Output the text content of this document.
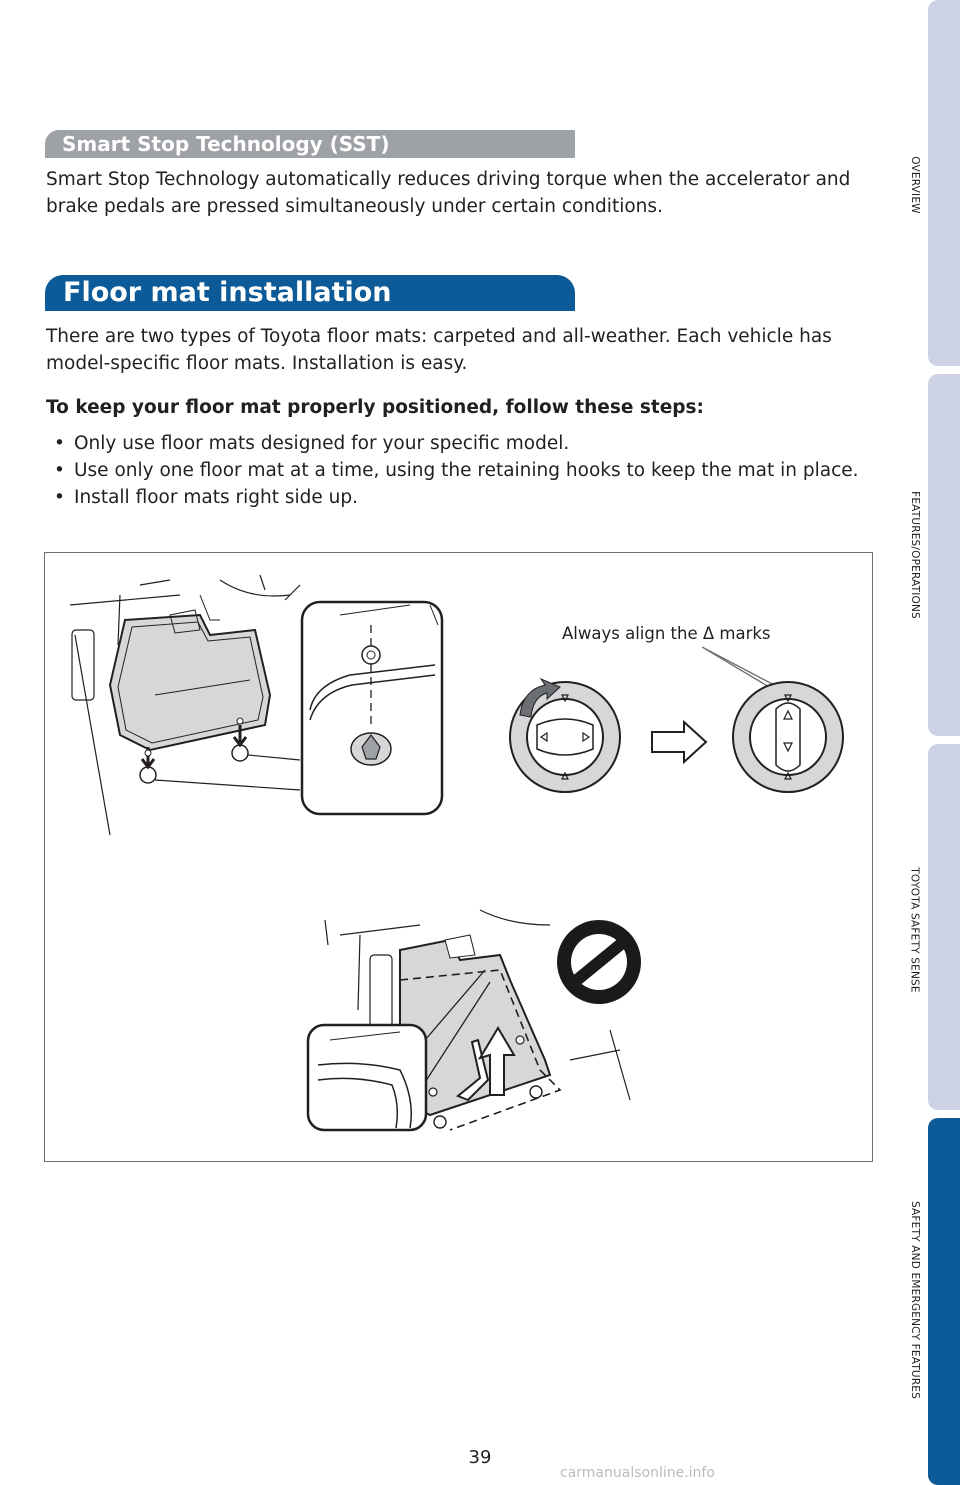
OVERVIEW
FEATURES/OPERATIONS
TOYOTA SAFETY SENSE
SAFETY AND EMERGENCY FEATURES
Smart Stop Technology (SST)
Smart Stop Technology automatically reduces driving torque when the accelerator and brake pedals are pressed simultaneously under certain conditions.
Floor mat installation
There are two types of Toyota floor mats: carpeted and all-weather. Each vehicle has model-specific floor mats. Installation is easy.
To keep your floor mat properly positioned, follow these steps:
• Only use floor mats designed for your specific model.
• Use only one floor mat at a time, using the retaining hooks to keep the mat in place.
• Install floor mats right side up.
Always align the Δ marks
39
carmanualsonline.info
